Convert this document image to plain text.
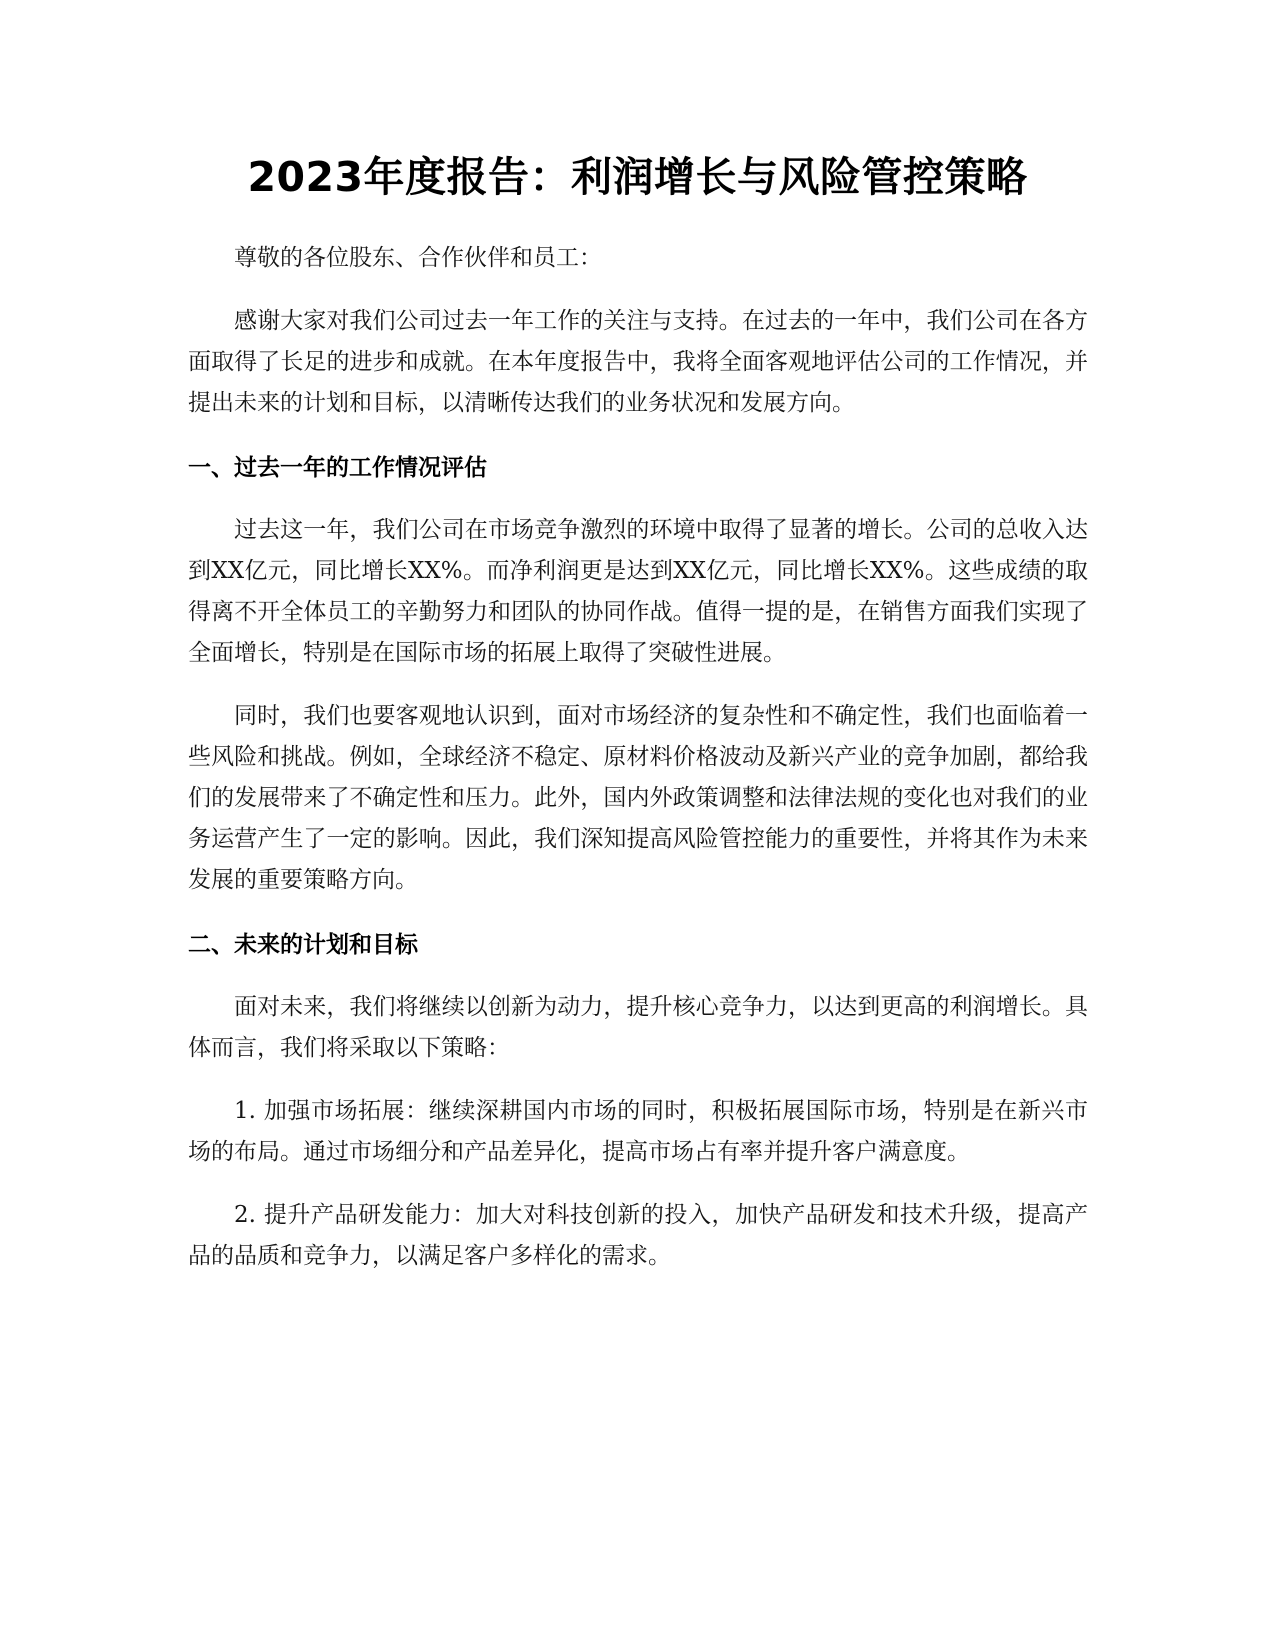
2023年度报告：利润增长与风险管控策略

尊敬的各位股东、合作伙伴和员工：

感谢大家对我们公司过去一年工作的关注与支持。在过去的一年中，我们公司在各方面取得了长足的进步和成就。在本年度报告中，我将全面客观地评估公司的工作情况，并提出未来的计划和目标，以清晰传达我们的业务状况和发展方向。

一、过去一年的工作情况评估

过去这一年，我们公司在市场竞争激烈的环境中取得了显著的增长。公司的总收入达到XX亿元，同比增长XX%。而净利润更是达到XX亿元，同比增长XX%。这些成绩的取得离不开全体员工的辛勤努力和团队的协同作战。值得一提的是，在销售方面我们实现了全面增长，特别是在国际市场的拓展上取得了突破性进展。

同时，我们也要客观地认识到，面对市场经济的复杂性和不确定性，我们也面临着一些风险和挑战。例如，全球经济不稳定、原材料价格波动及新兴产业的竞争加剧，都给我们的发展带来了不确定性和压力。此外，国内外政策调整和法律法规的变化也对我们的业务运营产生了一定的影响。因此，我们深知提高风险管控能力的重要性，并将其作为未来发展的重要策略方向。

二、未来的计划和目标

面对未来，我们将继续以创新为动力，提升核心竞争力，以达到更高的利润增长。具体而言，我们将采取以下策略：

1. 加强市场拓展：继续深耕国内市场的同时，积极拓展国际市场，特别是在新兴市场的布局。通过市场细分和产品差异化，提高市场占有率并提升客户满意度。

2. 提升产品研发能力：加大对科技创新的投入，加快产品研发和技术升级，提高产品的品质和竞争力，以满足客户多样化的需求。
